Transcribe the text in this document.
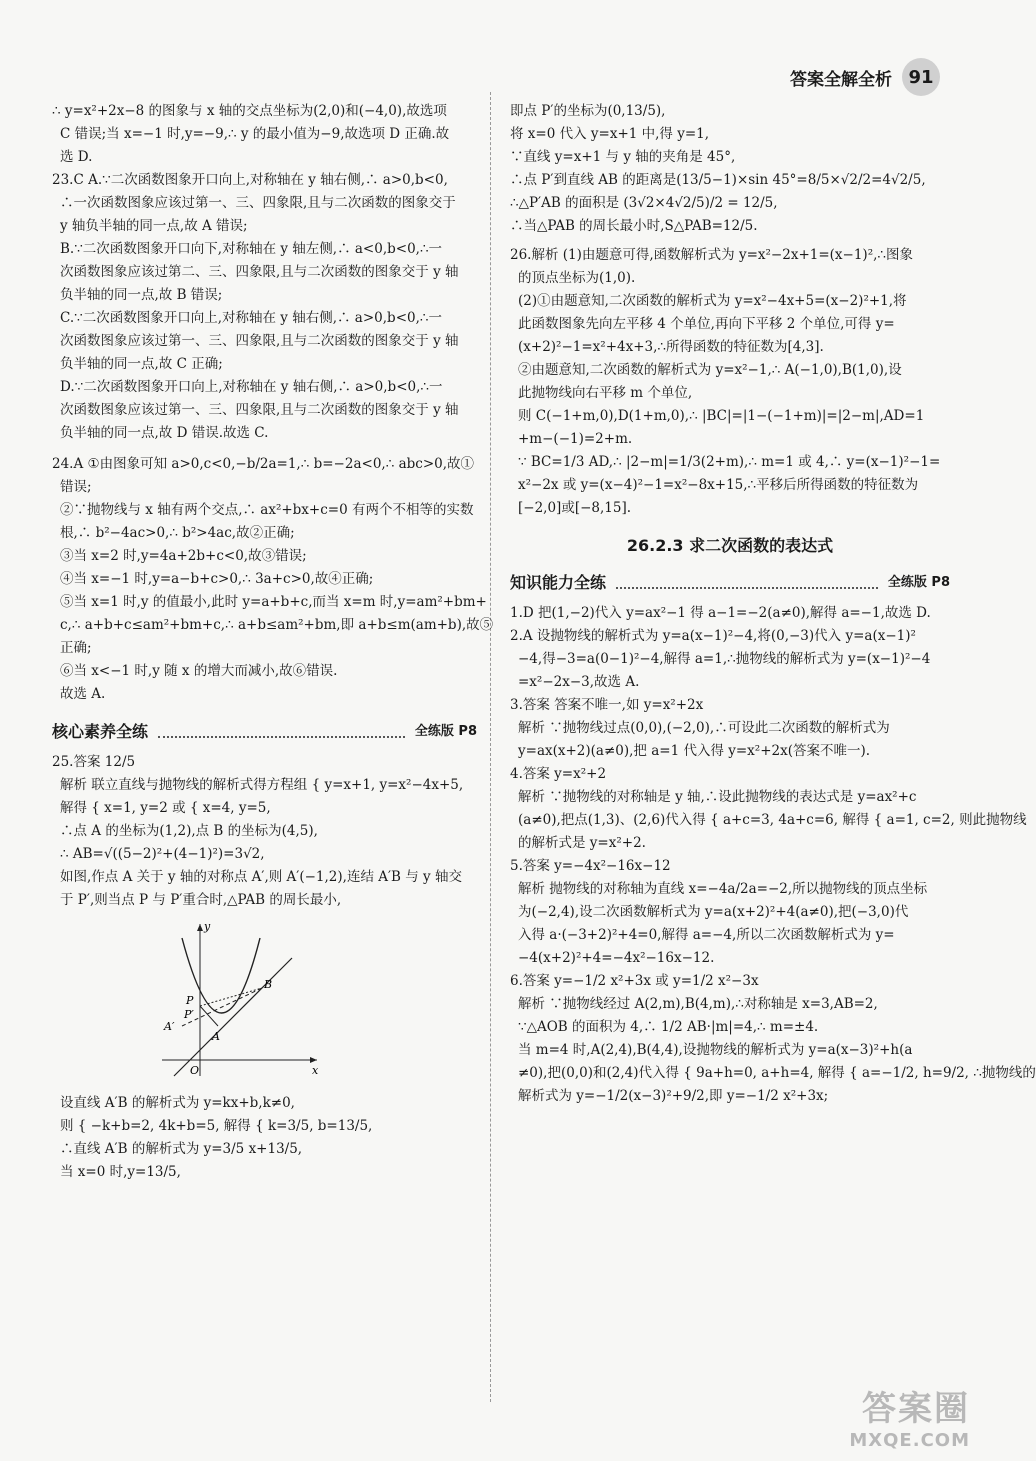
答案全解全析 91
∴ y=x²+2x−8 的图象与 x 轴的交点坐标为(2,0)和(−4,0),故选项
C 错误;当 x=−1 时,y=−9,∴ y 的最小值为−9,故选项 D 正确.故
选 D.
23.C A.∵二次函数图象开口向上,对称轴在 y 轴右侧,∴ a>0,b<0,
∴一次函数图象应该过第一、三、四象限,且与二次函数的图象交于
y 轴负半轴的同一点,故 A 错误;
B.∵二次函数图象开口向下,对称轴在 y 轴左侧,∴ a<0,b<0,∴一
次函数图象应该过第二、三、四象限,且与二次函数的图象交于 y 轴
负半轴的同一点,故 B 错误;
C.∵二次函数图象开口向上,对称轴在 y 轴右侧,∴ a>0,b<0,∴一
次函数图象应该过第一、三、四象限,且与二次函数的图象交于 y 轴
负半轴的同一点,故 C 正确;
D.∵二次函数图象开口向上,对称轴在 y 轴右侧,∴ a>0,b<0,∴一
次函数图象应该过第一、三、四象限,且与二次函数的图象交于 y 轴
负半轴的同一点,故 D 错误.故选 C.
24.A ①由图象可知 a>0,c<0,−b/2a=1,∴ b=−2a<0,∴ abc>0,故①
错误;
②∵抛物线与 x 轴有两个交点,∴ ax²+bx+c=0 有两个不相等的实数
根,∴ b²−4ac>0,∴ b²>4ac,故②正确;
③当 x=2 时,y=4a+2b+c<0,故③错误;
④当 x=−1 时,y=a−b+c>0,∴ 3a+c>0,故④正确;
⑤当 x=1 时,y 的值最小,此时 y=a+b+c,而当 x=m 时,y=am²+bm+
c,∴ a+b+c≤am²+bm+c,∴ a+b≤am²+bm,即 a+b≤m(am+b),故⑤
正确;
⑥当 x<−1 时,y 随 x 的增大而减小,故⑥错误.
故选 A.
核心素养全练	全练版 P8
25.答案 12/5
解析 联立直线与抛物线的解析式得方程组 { y=x+1, y=x²−4x+5,
解得 { x=1, y=2 或 { x=4, y=5,
∴点 A 的坐标为(1,2),点 B 的坐标为(4,5),
∴ AB=√((5−2)²+(4−1)²)=3√2,
如图,作点 A 关于 y 轴的对称点 A′,则 A′(−1,2),连结 A′B 与 y 轴交
于 P′,则当点 P 与 P′重合时,△PAB 的周长最小,
y
x
O
A
A′
B
P
P′
设直线 A′B 的解析式为 y=kx+b,k≠0,
则 { −k+b=2, 4k+b=5, 解得 { k=3/5, b=13/5,
∴直线 A′B 的解析式为 y=3/5 x+13/5,
当 x=0 时,y=13/5,
即点 P′的坐标为(0,13/5),
将 x=0 代入 y=x+1 中,得 y=1,
∵直线 y=x+1 与 y 轴的夹角是 45°,
∴点 P′到直线 AB 的距离是(13/5−1)×sin 45°=8/5×√2/2=4√2/5,
∴△P′AB 的面积是 (3√2×4√2/5)/2 = 12/5,
∴当△PAB 的周长最小时,S△PAB=12/5.
26.解析 (1)由题意可得,函数解析式为 y=x²−2x+1=(x−1)²,∴图象
的顶点坐标为(1,0).
(2)①由题意知,二次函数的解析式为 y=x²−4x+5=(x−2)²+1,将
此函数图象先向左平移 4 个单位,再向下平移 2 个单位,可得 y=
(x+2)²−1=x²+4x+3,∴所得函数的特征数为[4,3].
②由题意知,二次函数的解析式为 y=x²−1,∴ A(−1,0),B(1,0),设
此抛物线向右平移 m 个单位,
则 C(−1+m,0),D(1+m,0),∴ |BC|=|1−(−1+m)|=|2−m|,AD=1
+m−(−1)=2+m.
∵ BC=1/3 AD,∴ |2−m|=1/3(2+m),∴ m=1 或 4,∴ y=(x−1)²−1=
x²−2x 或 y=(x−4)²−1=x²−8x+15,∴平移后所得函数的特征数为
[−2,0]或[−8,15].
26.2.3 求二次函数的表达式
知识能力全练	全练版 P8
1.D 把(1,−2)代入 y=ax²−1 得 a−1=−2(a≠0),解得 a=−1,故选 D.
2.A 设抛物线的解析式为 y=a(x−1)²−4,将(0,−3)代入 y=a(x−1)²
−4,得−3=a(0−1)²−4,解得 a=1,∴抛物线的解析式为 y=(x−1)²−4
=x²−2x−3,故选 A.
3.答案 答案不唯一,如 y=x²+2x
解析 ∵抛物线过点(0,0),(−2,0),∴可设此二次函数的解析式为
y=ax(x+2)(a≠0),把 a=1 代入得 y=x²+2x(答案不唯一).
4.答案 y=x²+2
解析 ∵抛物线的对称轴是 y 轴,∴设此抛物线的表达式是 y=ax²+c
(a≠0),把点(1,3)、(2,6)代入得 { a+c=3, 4a+c=6, 解得 { a=1, c=2, 则此抛物线
的解析式是 y=x²+2.
5.答案 y=−4x²−16x−12
解析 抛物线的对称轴为直线 x=−4a/2a=−2,所以抛物线的顶点坐标
为(−2,4),设二次函数解析式为 y=a(x+2)²+4(a≠0),把(−3,0)代
入得 a·(−3+2)²+4=0,解得 a=−4,所以二次函数解析式为 y=
−4(x+2)²+4=−4x²−16x−12.
6.答案 y=−1/2 x²+3x 或 y=1/2 x²−3x
解析 ∵抛物线经过 A(2,m),B(4,m),∴对称轴是 x=3,AB=2,
∵△AOB 的面积为 4,∴ 1/2 AB·|m|=4,∴ m=±4.
当 m=4 时,A(2,4),B(4,4),设抛物线的解析式为 y=a(x−3)²+h(a
≠0),把(0,0)和(2,4)代入得 { 9a+h=0, a+h=4, 解得 { a=−1/2, h=9/2, ∴抛物线的
解析式为 y=−1/2(x−3)²+9/2,即 y=−1/2 x²+3x;
答案圈
MXQE.COM
